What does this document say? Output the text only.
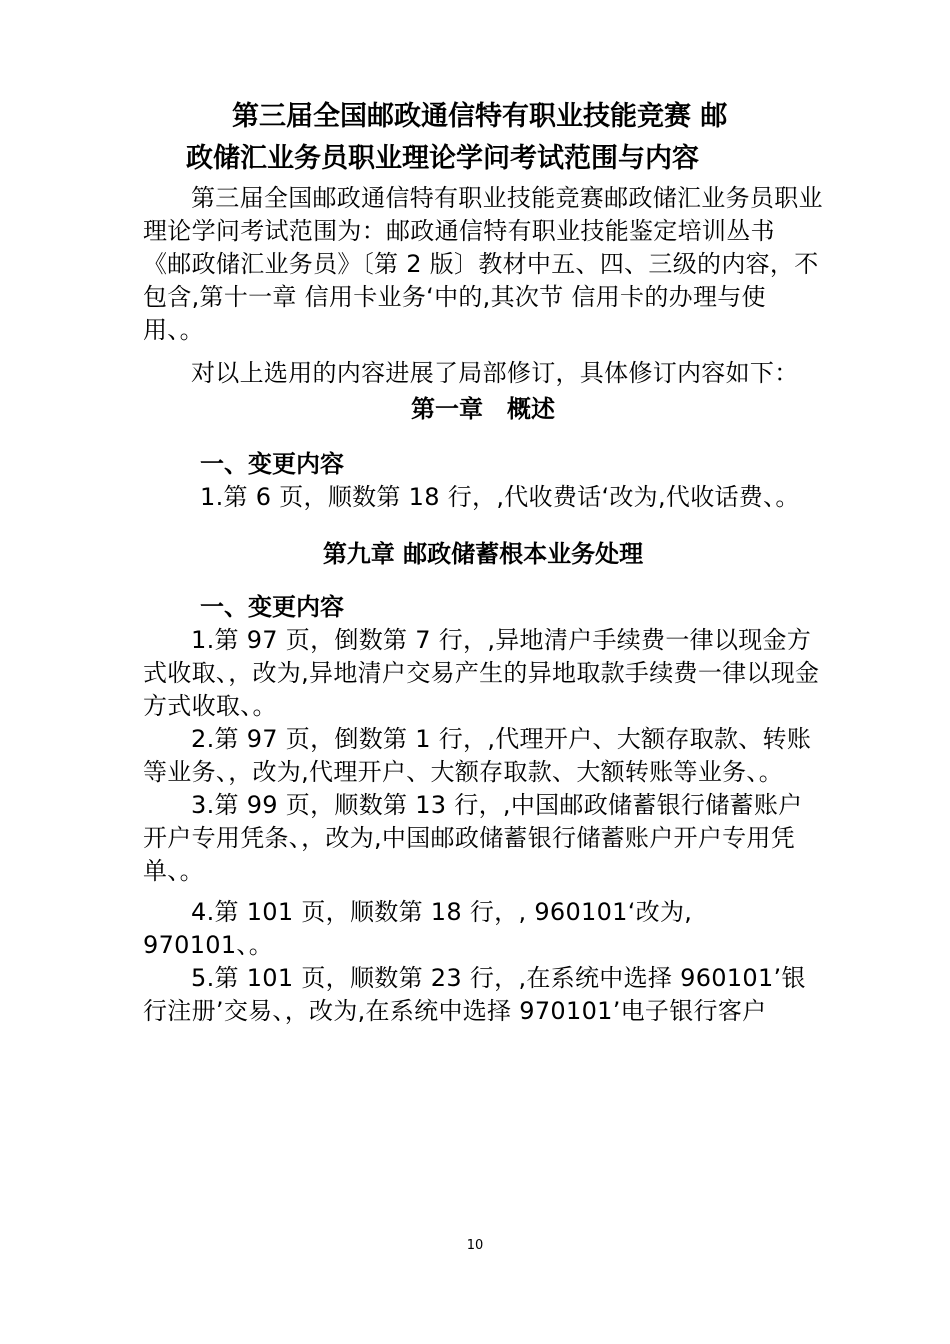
第三届全国邮政通信特有职业技能竞赛 邮
政储汇业务员职业理论学问考试范围与内容

第三届全国邮政通信特有职业技能竞赛邮政储汇业务员职业理论学问考试范围为：邮政通信特有职业技能鉴定培训丛书《邮政储汇业务员》〔第 2 版〕教材中五、四、三级的内容，不包含,第十一章 信用卡业务‘中的,其次节 信用卡的办理与使用、。

对以上选用的内容进展了局部修订，具体修订内容如下：

第一章　概述
一、变更内容

1.第 6 页，顺数第 18 行，,代收费话‘改为,代收话费、。

第九章 邮政储蓄根本业务处理
一、变更内容

1.第 97 页，倒数第 7 行，,异地清户手续费一律以现金方式收取、，改为,异地清户交易产生的异地取款手续费一律以现金方式收取、。

2.第 97 页，倒数第 1 行，,代理开户、大额存取款、转账等业务、，改为,代理开户、大额存取款、大额转账等业务、。

3.第 99 页，顺数第 13 行，,中国邮政储蓄银行储蓄账户开户专用凭条、，改为,中国邮政储蓄银行储蓄账户开户专用凭单、。

4.第 101 页，顺数第 18 行，, 960101‘改为, 970101、。

5.第 101 页，顺数第 23 行，,在系统中选择 960101’银行注册’交易、，改为,在系统中选择 970101’电子银行客户

10
